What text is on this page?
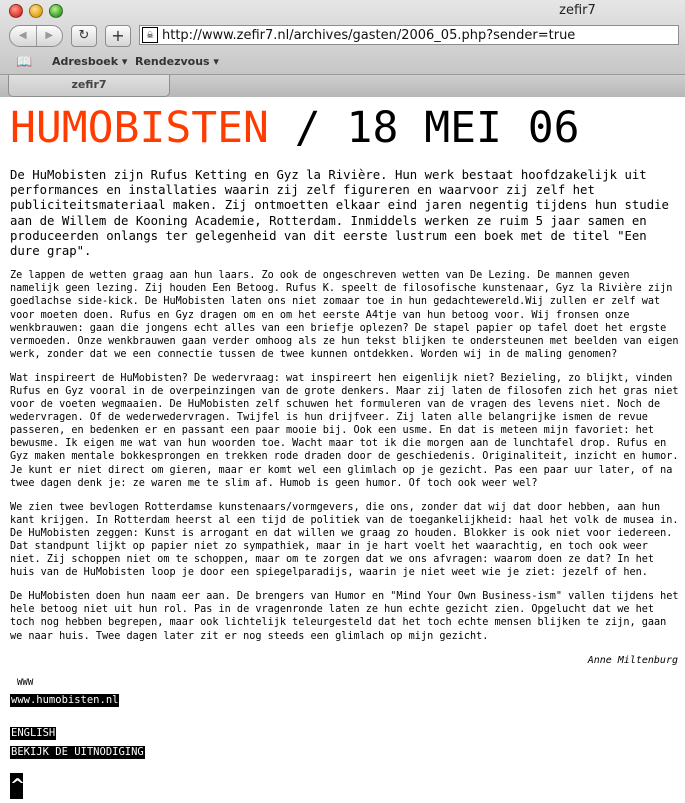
zefir7
◀	▶	↻	+	☠ http://www.zefir7.nl/archives/gasten/2006_05.php?sender=true
📖 Adresboek ▾ Rendezvous ▾
zefir7
HUMOBISTEN / 18 MEI 06

De HuMobisten zijn Rufus Ketting en Gyz la Rivière. Hun werk bestaat hoofdzakelijk uit performances en installaties waarin zij zelf figureren en waarvoor zij zelf het publiciteitsmateriaal maken. Zij ontmoetten elkaar eind jaren negentig tijdens hun studie aan de Willem de Kooning Academie, Rotterdam. Inmiddels werken ze ruim 5 jaar samen en produceerden onlangs ter gelegenheid van dit eerste lustrum een boek met de titel "Een dure grap".

Ze lappen de wetten graag aan hun laars. Zo ook de ongeschreven wetten van De Lezing. De mannen geven namelijk geen lezing. Zij houden Een Betoog. Rufus K. speelt de filosofische kunstenaar, Gyz la Rivière zijn goedlachse side-kick. De HuMobisten laten ons niet zomaar toe in hun gedachtewereld.Wij zullen er zelf wat voor moeten doen. Rufus en Gyz dragen om en om het eerste A4tje van hun betoog voor. Wij fronsen onze wenkbrauwen: gaan die jongens echt alles van een briefje oplezen? De stapel papier op tafel doet het ergste vermoeden. Onze wenkbrauwen gaan verder omhoog als ze hun tekst blijken te ondersteunen met beelden van eigen werk, zonder dat we een connectie tussen de twee kunnen ontdekken. Worden wij in de maling genomen?

Wat inspireert de HuMobisten? De wedervraag: wat inspireert hen eigenlijk niet? Bezieling, zo blijkt, vinden Rufus en Gyz vooral in de overpeinzingen van de grote denkers. Maar zij laten de filosofen zich het gras niet voor de voeten wegmaaien. De HuMobisten zelf schuwen het formuleren van de vragen des levens niet. Noch de wedervragen. Of de wederwedervragen. Twijfel is hun drijfveer. Zij laten alle belangrijke ismen de revue passeren, en bedenken er en passant een paar mooie bij. Ook een usme. En dat is meteen mijn favoriet: het bewusme. Ik eigen me wat van hun woorden toe. Wacht maar tot ik die morgen aan de lunchtafel drop. Rufus en Gyz maken mentale bokkesprongen en trekken rode draden door de geschiedenis. Originaliteit, inzicht en humor. Je kunt er niet direct om gieren, maar er komt wel een glimlach op je gezicht. Pas een paar uur later, of na twee dagen denk je: ze waren me te slim af. Humob is geen humor. Of toch ook weer wel?

We zien twee bevlogen Rotterdamse kunstenaars/vormgevers, die ons, zonder dat wij dat door hebben, aan hun kant krijgen. In Rotterdam heerst al een tijd de politiek van de toegankelijkheid: haal het volk de musea in. De HuMobisten zeggen: Kunst is arrogant en dat willen we graag zo houden. Blokker is ook niet voor iedereen. Dat standpunt lijkt op papier niet zo sympathiek, maar in je hart voelt het waarachtig, en toch ook weer niet. Zij schoppen niet om te schoppen, maar om te zorgen dat we ons afvragen: waarom doen ze dat? In het huis van de HuMobisten loop je door een spiegelparadijs, waarin je niet weet wie je ziet: jezelf of hen.

De HuMobisten doen hun naam eer aan. De brengers van Humor en "Mind Your Own Business-ism" vallen tijdens het hele betoog niet uit hun rol. Pas in de vragenronde laten ze hun echte gezicht zien. Opgelucht dat we het toch nog hebben begrepen, maar ook lichtelijk teleurgesteld dat het toch echte mensen blijken te zijn, gaan we naar huis. Twee dagen later zit er nog steeds een glimlach op mijn gezicht.

Anne Miltenburg
WWW
www.humobisten.nl
ENGLISH
BEKIJK DE UITNODIGING
^
